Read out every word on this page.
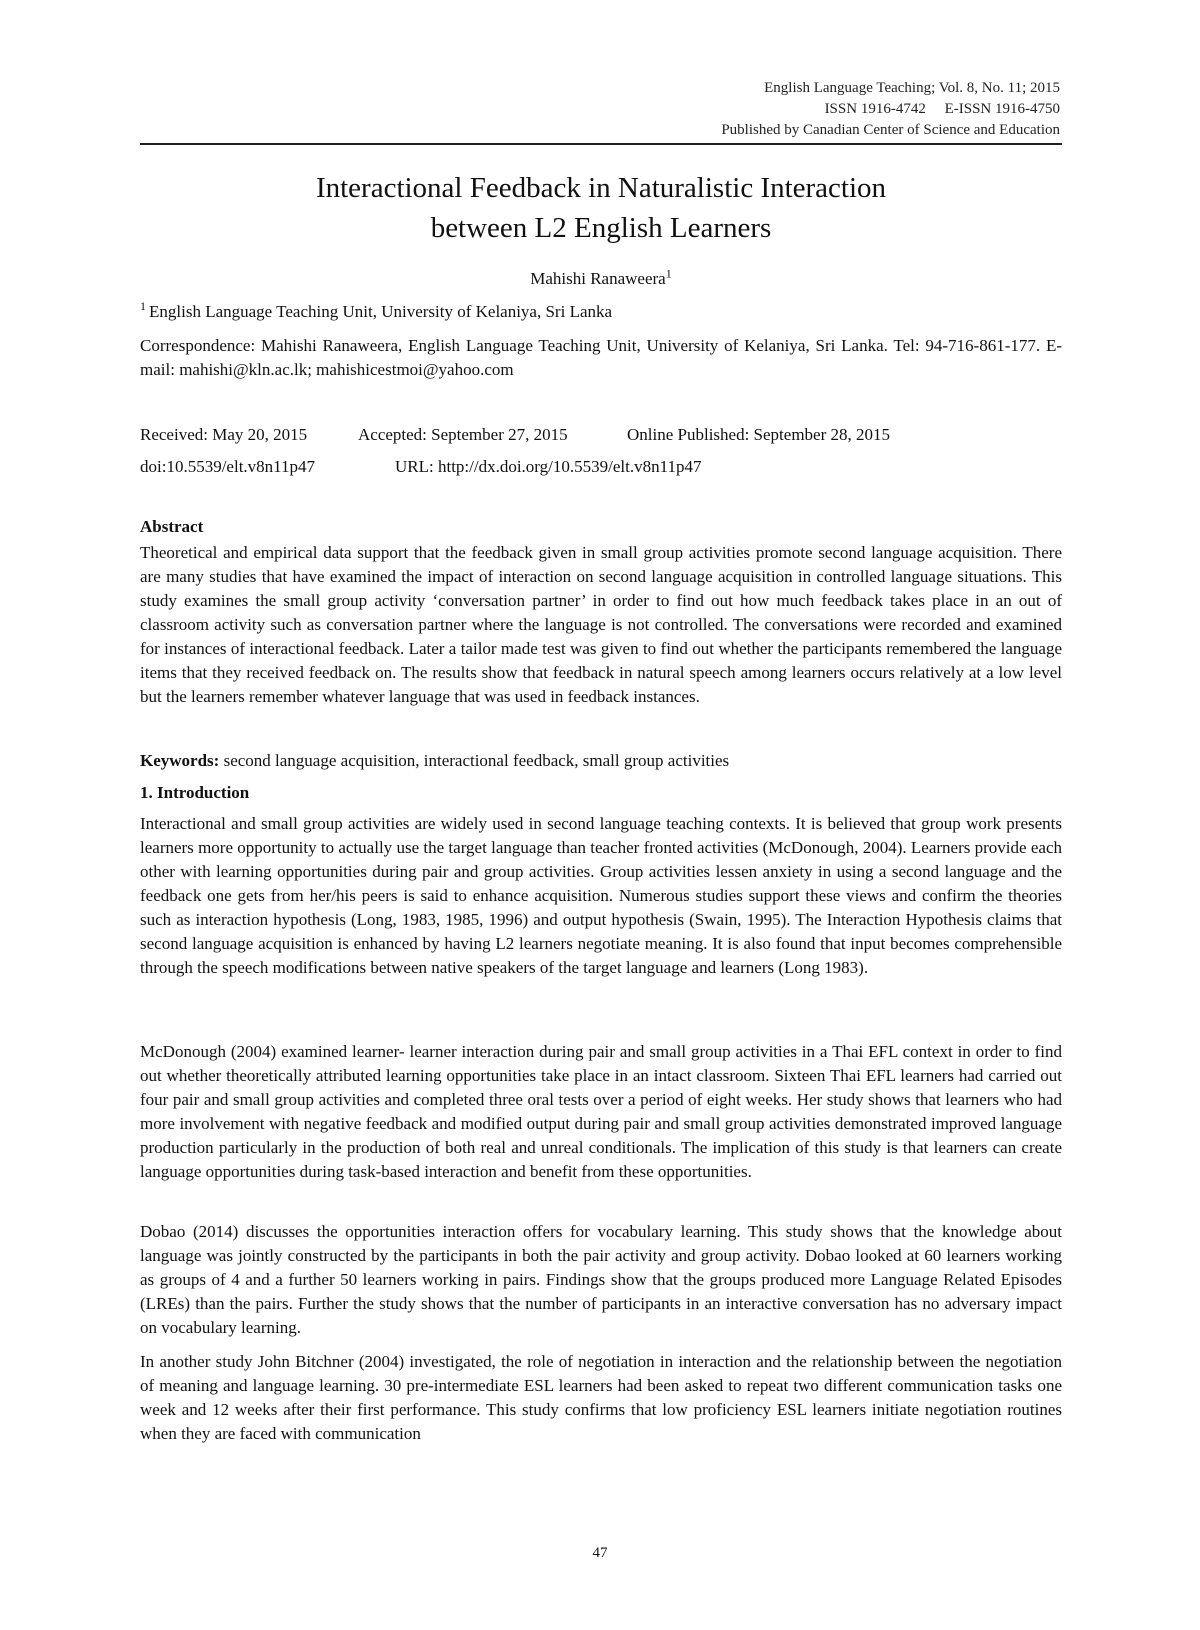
English Language Teaching; Vol. 8, No. 11; 2015
ISSN 1916-4742     E-ISSN 1916-4750
Published by Canadian Center of Science and Education
Interactional Feedback in Naturalistic Interaction
between L2 English Learners
Mahishi Ranaweera$^1$
$^1$ English Language Teaching Unit, University of Kelaniya, Sri Lanka
Correspondence: Mahishi Ranaweera, English Language Teaching Unit, University of Kelaniya, Sri Lanka. Tel: 94-716-861-177. E-mail: mahishi@kln.ac.lk; mahishicestmoi@yahoo.com
Received: May 20, 2015	Accepted: September 27, 2015	Online Published: September 28, 2015
doi:10.5539/elt.v8n11p47	URL: http://dx.doi.org/10.5539/elt.v8n11p47
Abstract

Theoretical and empirical data support that the feedback given in small group activities promote second language acquisition. There are many studies that have examined the impact of interaction on second language acquisition in controlled language situations. This study examines the small group activity ‘conversation partner’ in order to find out how much feedback takes place in an out of classroom activity such as conversation partner where the language is not controlled. The conversations were recorded and examined for instances of interactional feedback. Later a tailor made test was given to find out whether the participants remembered the language items that they received feedback on. The results show that feedback in natural speech among learners occurs relatively at a low level but the learners remember whatever language that was used in feedback instances.

Keywords: second language acquisition, interactional feedback, small group activities
1. Introduction

Interactional and small group activities are widely used in second language teaching contexts. It is believed that group work presents learners more opportunity to actually use the target language than teacher fronted activities (McDonough, 2004). Learners provide each other with learning opportunities during pair and group activities. Group activities lessen anxiety in using a second language and the feedback one gets from her/his peers is said to enhance acquisition. Numerous studies support these views and confirm the theories such as interaction hypothesis (Long, 1983, 1985, 1996) and output hypothesis (Swain, 1995). The Interaction Hypothesis claims that second language acquisition is enhanced by having L2 learners negotiate meaning. It is also found that input becomes comprehensible through the speech modifications between native speakers of the target language and learners (Long 1983).

McDonough (2004) examined learner- learner interaction during pair and small group activities in a Thai EFL context in order to find out whether theoretically attributed learning opportunities take place in an intact classroom. Sixteen Thai EFL learners had carried out four pair and small group activities and completed three oral tests over a period of eight weeks. Her study shows that learners who had more involvement with negative feedback and modified output during pair and small group activities demonstrated improved language production particularly in the production of both real and unreal conditionals. The implication of this study is that learners can create language opportunities during task-based interaction and benefit from these opportunities.

Dobao (2014) discusses the opportunities interaction offers for vocabulary learning. This study shows that the knowledge about language was jointly constructed by the participants in both the pair activity and group activity. Dobao looked at 60 learners working as groups of 4 and a further 50 learners working in pairs. Findings show that the groups produced more Language Related Episodes (LREs) than the pairs. Further the study shows that the number of participants in an interactive conversation has no adversary impact on vocabulary learning.

In another study John Bitchner (2004) investigated, the role of negotiation in interaction and the relationship between the negotiation of meaning and language learning. 30 pre-intermediate ESL learners had been asked to repeat two different communication tasks one week and 12 weeks after their first performance. This study confirms that low proficiency ESL learners initiate negotiation routines when they are faced with communication

47
